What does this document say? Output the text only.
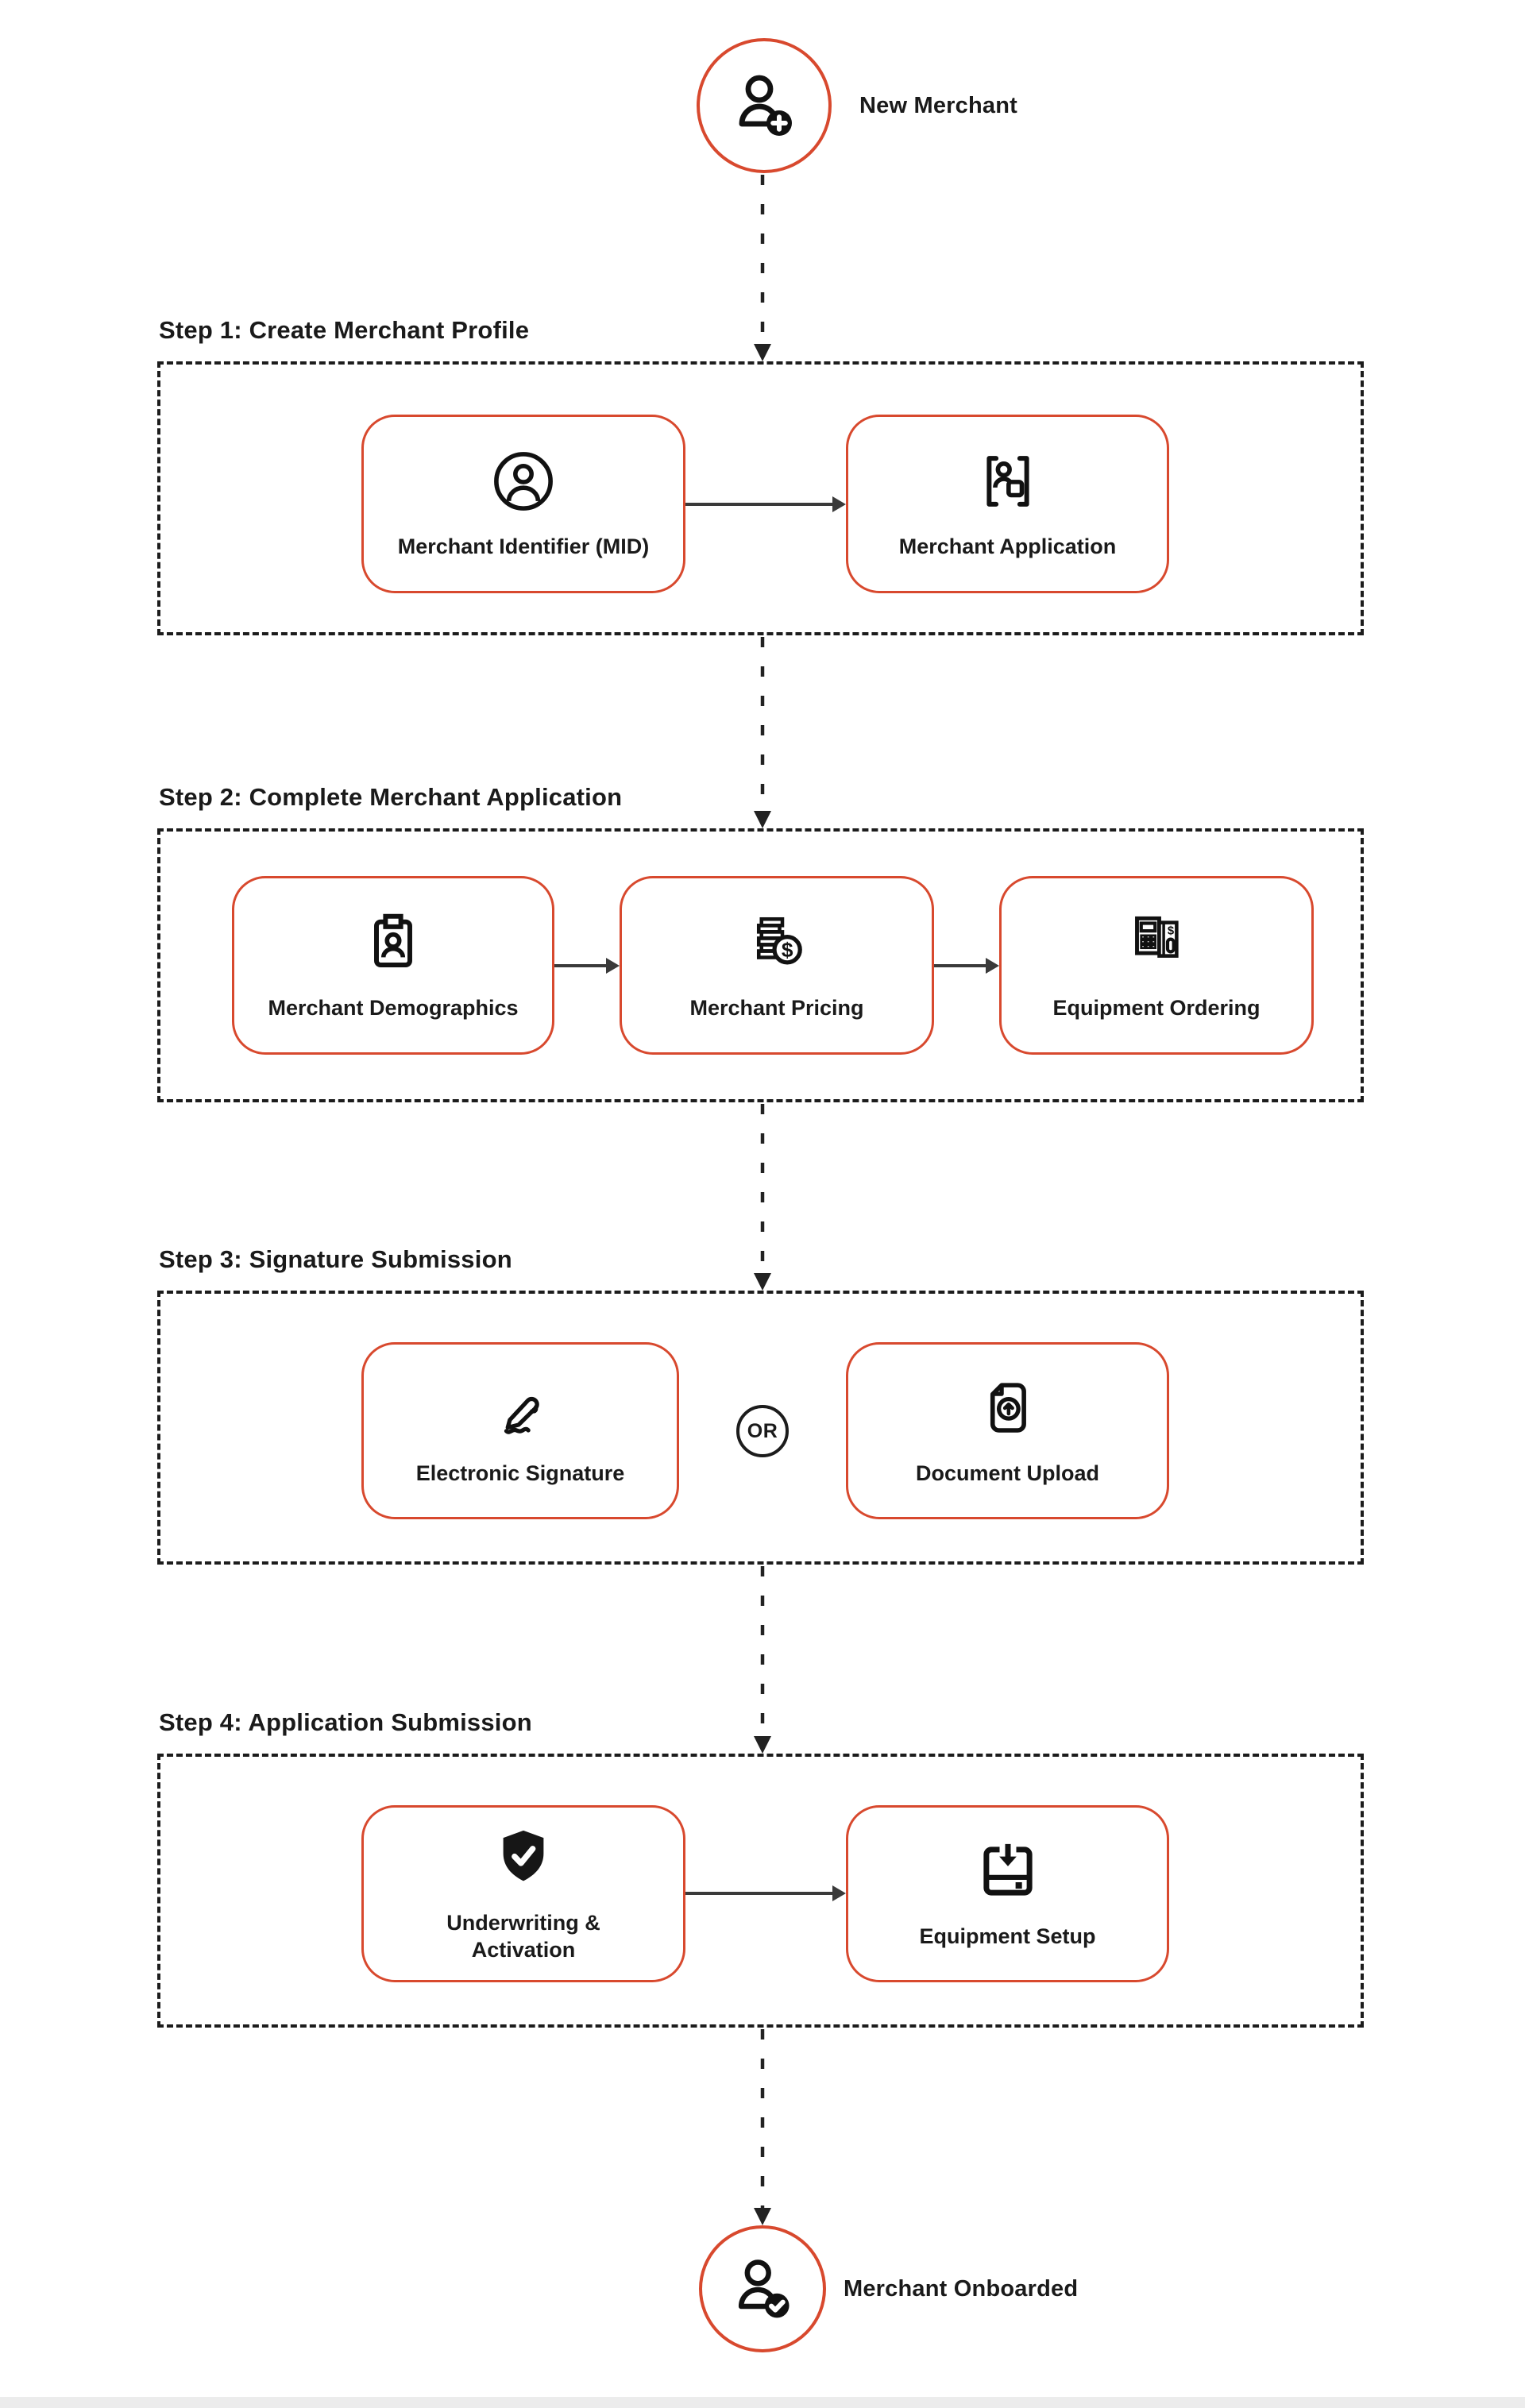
New Merchant
Step 1: Create Merchant Profile
Merchant Identifier (MID)	Merchant Application
Step 2: Complete Merchant Application
Merchant Demographics
$
Merchant Pricing
$
Equipment Ordering
Step 3: Signature Submission
Electronic Signature
OR
Document Upload
Step 4: Application Submission
Underwriting & Activation
Equipment Setup
Merchant Onboarded
